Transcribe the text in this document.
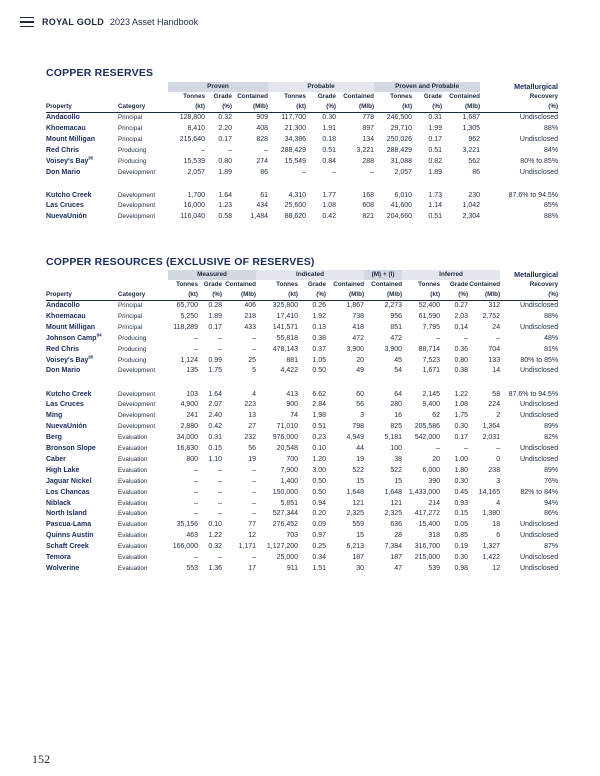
ROYAL GOLD 2023 Asset Handbook
COPPER RESERVES
		Proven			Probable			Proven and Probable			Metallurgical
		Tonnes	Grade	Contained	Tonnes	Grade	Contained	Tonnes	Grade	Contained	Recovery
Property	Category	(kt)	(%)	(Mlb)	(kt)	(%)	(Mlb)	(kt)	(%)	(Mlb)	(%)
Andacollo	Principal	128,800	0.32	909	117,700	0.30	778	246,500	0.31	1,687	Undisclosed
Khoemacau	Principal	8,410	2.20	408	21,300	1.91	897	29,710	1.99	1,305	88%
Mount Milligan	Principal	215,640	0.17	828	34,386	0.18	134	250,026	0.17	962	Undisclosed
Red Chris	Producing	–	–	–	288,429	0.51	3,221	288,429	0.51	3,221	84%
Voisey's Bay$^{85}$	Producing	15,539	0.80	274	15,549	0.84	288	31,088	0.82	562	80% to 85%
Don Mario	Development	2,057	1.89	86	–	–	–	2,057	1.89	86	Undisclosed
Kutcho Creek	Development	1,700	1.64	61	4,310	1.77	168	6,010	1.73	230	87.6% to 94.5%
Las Cruces	Development	16,000	1.23	434	25,600	1.08	608	41,600	1.14	1,042	85%
NuevaUnión	Development	116,040	0.58	1,484	88,620	0.42	821	204,660	0.51	2,304	88%
COPPER RESOURCES (EXCLUSIVE OF RESERVES)
		Measured			Indicated			(M) + (I)	Inferred			Metallurgical
		Tonnes	Grade	Contained	Tonnes	Grade	Contained	Contained	Tonnes	Grade	Contained	Recovery
Property	Category	(kt)	(%)	(Mlb)	(kt)	(%)	(Mlb)	(Mlb)	(kt)	(%)	(Mlb)	(%)
Andacollo	Principal	65,700	0.28	406	325,800	0.26	1,867	2,273	52,400	0.27	312	Undisclosed
Khoemacau	Principal	5,250	1.89	218	17,410	1.92	738	956	61,590	2.03	2,752	88%
Mount Milligan	Principal	118,289	0.17	433	141,571	0.13	418	851	7,795	0.14	24	Undisclosed
Johnson Camp$^{84}$	Producing	–	–	–	55,818	0.38	472	472	–	–	–	48%
Red Chris	Producing	–	–	–	478,143	0.37	3,900	3,900	88,714	0.36	704	81%
Voisey's Bay$^{85}$	Producing	1,124	0.99	25	881	1.05	20	45	7,523	0.80	133	80% to 85%
Don Mario	Development	135	1.75	5	4,422	0.50	49	54	1,671	0.38	14	Undisclosed
Kutcho Creek	Development	103	1.64	4	413	6.62	60	64	2,145	1.22	58	87.6% to 94.5%
Las Cruces	Development	4,900	2.07	223	900	2.84	56	280	9,400	1.08	224	Undisclosed
Ming	Development	241	2.40	13	74	1.98	3	16	62	1.75	2	Undisclosed
NuevaUnión	Development	2,880	0.42	27	71,010	0.51	798	825	205,586	0.30	1,364	89%
Berg	Evaluation	34,000	0.31	232	976,000	0.23	4,949	5,181	542,000	0.17	2,031	82%
Bronson Slope	Evaluation	16,830	0.15	56	20,548	0.10	44	100	–	–	–	Undisclosed
Caber	Evaluation	800	1.10	19	700	1.20	19	38	20	1.00	0	Undisclosed
High Lake	Evaluation	–	–	–	7,900	3.00	522	522	6,000	1.80	238	89%
Jaguar Nickel	Evaluation	–	–	–	1,400	0.50	15	15	390	0.30	3	76%
Los Chancas	Evaluation	–	–	–	150,000	0.50	1,648	1,648	1,433,000	0.45	14,165	82% to 84%
Niblack	Evaluation	–	–	–	5,851	0.94	121	121	214	0.93	4	94%
North Island	Evaluation	–	–	–	527,344	0.20	2,325	2,325	417,272	0.15	1,380	86%
Pascua-Lama	Evaluation	35,156	0.10	77	276,452	0.09	559	636	15,400	0.05	18	Undisclosed
Quinns Austin	Evaluation	463	1.22	12	703	0.97	15	28	318	0.85	6	Undisclosed
Schaft Creek	Evaluation	166,000	0.32	1,171	1,127,200	0.25	6,213	7,384	316,700	0.19	1,327	87%
Temora	Evaluation	–	–	–	25,000	0.34	187	187	215,000	0.30	1,422	Undisclosed
Wolverine	Evaluation	553	1.36	17	911	1.51	30	47	539	0.98	12	Undisclosed
152
